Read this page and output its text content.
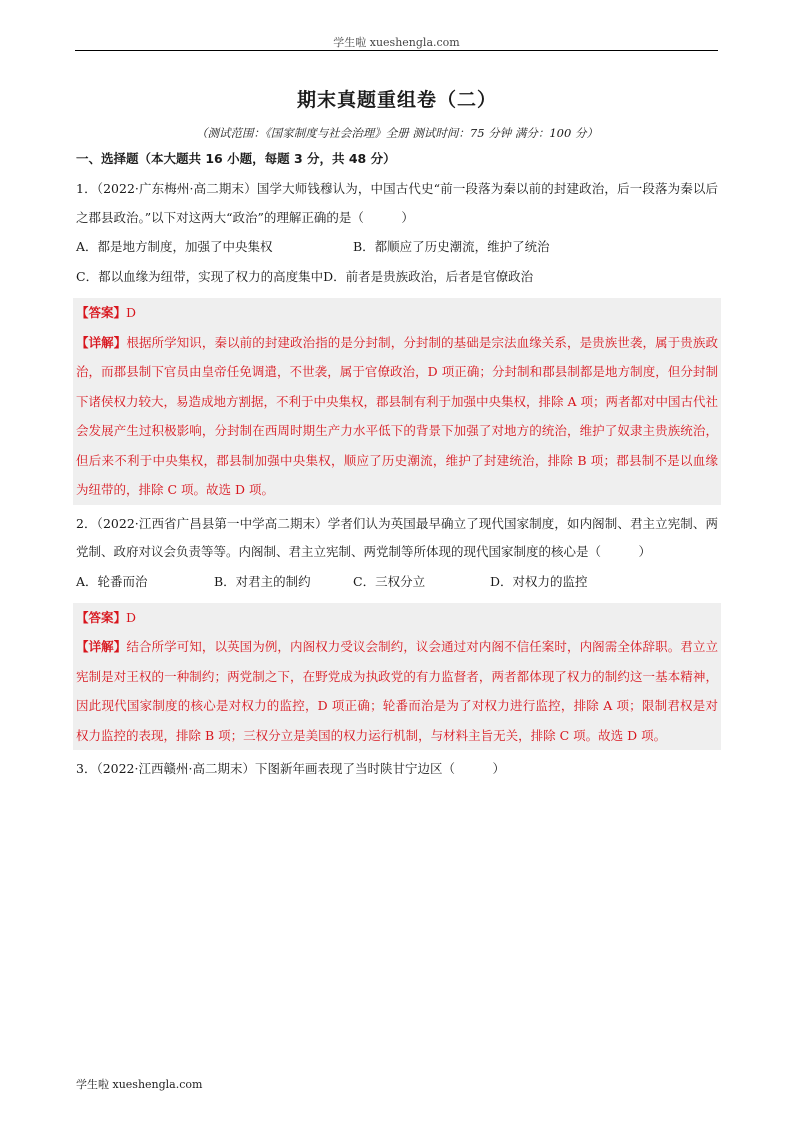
学生啦 xueshengla.com
期末真题重组卷（二）
（测试范围：《国家制度与社会治理》全册 测试时间：75 分钟 满分：100 分）
一、选择题（本大题共 16 小题，每题 3 分，共 48 分）
1．（2022·广东梅州·高二期末）国学大师钱穆认为，中国古代史“前一段落为秦以前的封建政治，后一段落为秦以后之郡县政治。”以下对这两大“政治”的理解正确的是（　　　）
A．都是地方制度，加强了中央集权	B．都顺应了历史潮流，维护了统治
C．都以血缘为纽带，实现了权力的高度集中D．前者是贵族政治，后者是官僚政治
【答案】D
【详解】根据所学知识，秦以前的封建政治指的是分封制，分封制的基础是宗法血缘关系，是贵族世袭，属于贵族政治，而郡县制下官员由皇帝任免调遣，不世袭，属于官僚政治，D 项正确；分封制和郡县制都是地方制度，但分封制下诸侯权力较大，易造成地方割据，不利于中央集权，郡县制有利于加强中央集权，排除 A 项；两者都对中国古代社会发展产生过积极影响，分封制在西周时期生产力水平低下的背景下加强了对地方的统治，维护了奴隶主贵族统治，但后来不利于中央集权，郡县制加强中央集权，顺应了历史潮流，维护了封建统治，排除 B 项；郡县制不是以血缘为纽带的，排除 C 项。故选 D 项。
2．（2022·江西省广昌县第一中学高二期末）学者们认为英国最早确立了现代国家制度，如内阁制、君主立宪制、两党制、政府对议会负责等等。内阁制、君主立宪制、两党制等所体现的现代国家制度的核心是（　　　）
A．轮番而治	B．对君主的制约	C．三权分立	D．对权力的监控
【答案】D
【详解】结合所学可知，以英国为例，内阁权力受议会制约，议会通过对内阁不信任案时，内阁需全体辞职。君立立宪制是对王权的一种制约；两党制之下，在野党成为执政党的有力监督者，两者都体现了权力的制约这一基本精神，因此现代国家制度的核心是对权力的监控，D 项正确；轮番而治是为了对权力进行监控，排除 A 项；限制君权是对权力监控的表现，排除 B 项；三权分立是美国的权力运行机制，与材料主旨无关，排除 C 项。故选 D 项。
3．（2022·江西赣州·高二期末）下图新年画表现了当时陕甘宁边区（　　　）
学生啦 xueshengla.com
